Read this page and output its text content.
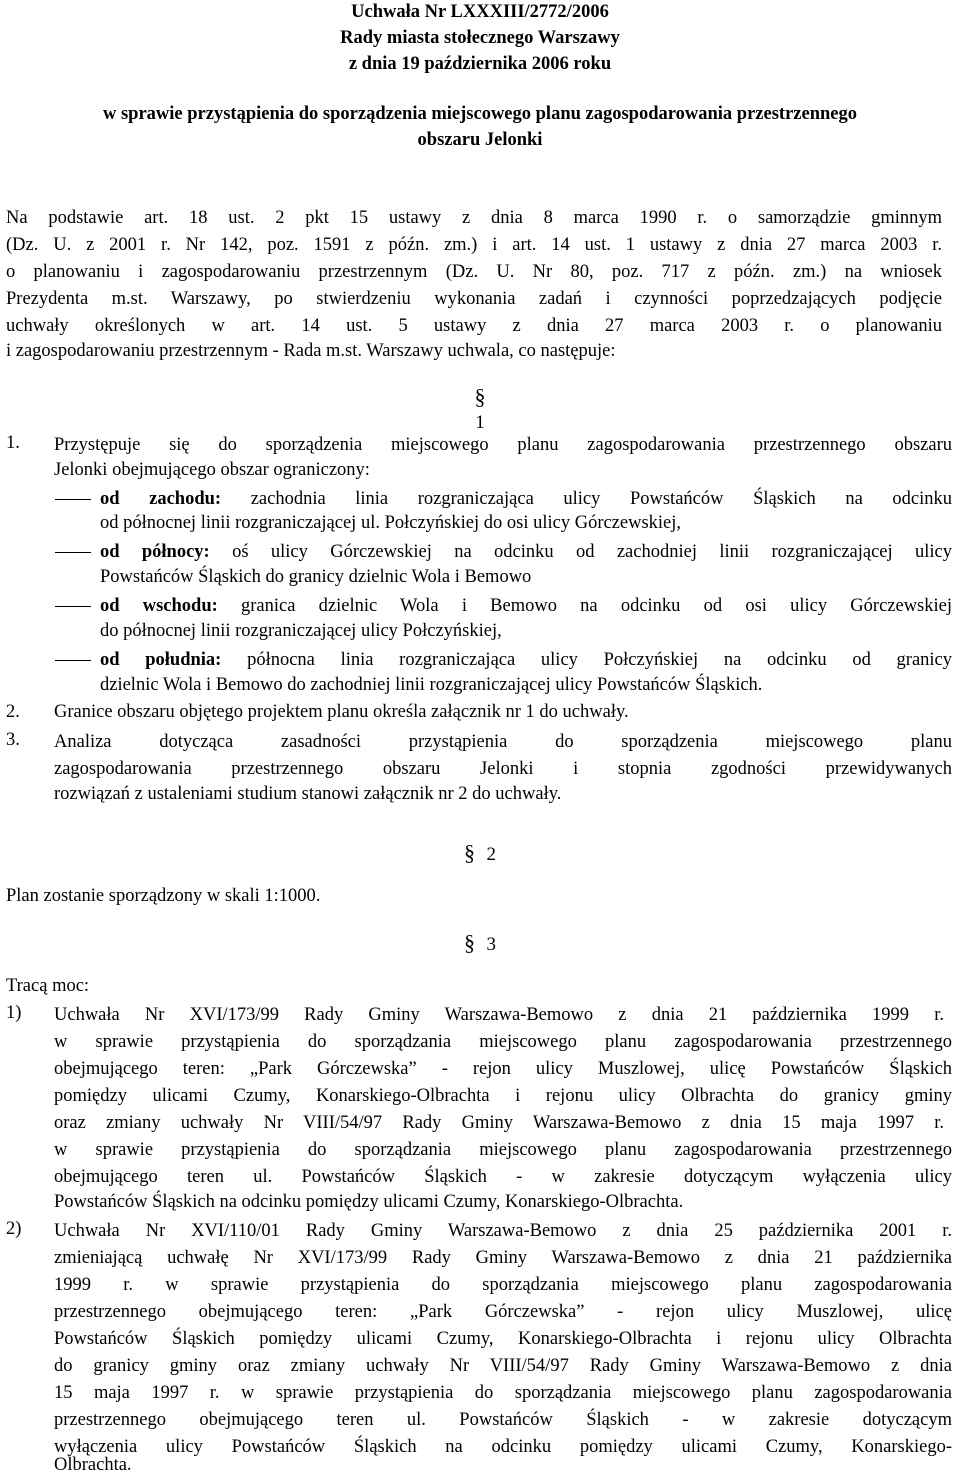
Uchwała Nr LXXXIII/2772/2006
Rady miasta stołecznego Warszawy
z dnia 19 października 2006 roku
w sprawie przystąpienia do sporządzenia miejscowego planu zagospodarowania przestrzennego
obszaru Jelonki
Na podstawie art. 18 ust. 2 pkt 15 ustawy z dnia 8 marca 1990 r. o samorządzie gminnym
(Dz. U. z 2001 r. Nr 142, poz. 1591 z późn. zm.) i art. 14 ust. 1 ustawy z dnia 27 marca 2003 r.
o planowaniu i zagospodarowaniu przestrzennym (Dz. U. Nr 80, poz. 717 z późn. zm.) na wniosek
Prezydenta m.st. Warszawy, po stwierdzeniu wykonania zadań i czynności poprzedzających podjęcie
uchwały określonych w art. 14 ust. 5 ustawy z dnia 27 marca 2003 r. o planowaniu
i zagospodarowaniu przestrzennym - Rada m.st. Warszawy uchwala, co następuje:
§
1
1. Przystępuje się do sporządzenia miejscowego planu zagospodarowania przestrzennego obszaru
Jelonki obejmującego obszar ograniczony:
od zachodu: zachodnia linia rozgraniczająca ulicy Powstańców Śląskich na odcinku
od północnej linii rozgraniczającej ul. Połczyńskiej do osi ulicy Górczewskiej,
od północy: oś ulicy Górczewskiej na odcinku od zachodniej linii rozgraniczającej ulicy
Powstańców Śląskich do granicy dzielnic Wola i Bemowo
od wschodu: granica dzielnic Wola i Bemowo na odcinku od osi ulicy Górczewskiej
do północnej linii rozgraniczającej ulicy Połczyńskiej,
od południa: północna linia rozgraniczająca ulicy Połczyńskiej na odcinku od granicy
dzielnic Wola i Bemowo do zachodniej linii rozgraniczającej ulicy Powstańców Śląskich.
2. Granice obszaru objętego projektem planu określa załącznik nr 1 do uchwały.
3. Analiza dotycząca zasadności przystąpienia do sporządzenia miejscowego planu
zagospodarowania przestrzennego obszaru Jelonki i stopnia zgodności przewidywanych
rozwiązań z ustaleniami studium stanowi załącznik nr 2 do uchwały.
§ 2
Plan zostanie sporządzony w skali 1:1000.
§ 3
Tracą moc:
1) Uchwała Nr XVI/173/99 Rady Gminy Warszawa-Bemowo z dnia 21 października 1999 r.
w sprawie przystąpienia do sporządzania miejscowego planu zagospodarowania przestrzennego
obejmującego teren: „Park Górczewska” - rejon ulicy Muszlowej, ulicę Powstańców Śląskich
pomiędzy ulicami Czumy, Konarskiego-Olbrachta i rejonu ulicy Olbrachta do granicy gminy
oraz zmiany uchwały Nr VIII/54/97 Rady Gminy Warszawa-Bemowo z dnia 15 maja 1997 r.
w sprawie przystąpienia do sporządzania miejscowego planu zagospodarowania przestrzennego
obejmującego teren ul. Powstańców Śląskich - w zakresie dotyczącym wyłączenia ulicy
Powstańców Śląskich na odcinku pomiędzy ulicami Czumy, Konarskiego-Olbrachta.
2) Uchwała Nr XVI/110/01 Rady Gminy Warszawa-Bemowo z dnia 25 października 2001 r.
zmieniającą uchwałę Nr XVI/173/99 Rady Gminy Warszawa-Bemowo z dnia 21 października
1999 r. w sprawie przystąpienia do sporządzania miejscowego planu zagospodarowania
przestrzennego obejmującego teren: „Park Górczewska” - rejon ulicy Muszlowej, ulicę
Powstańców Śląskich pomiędzy ulicami Czumy, Konarskiego-Olbrachta i rejonu ulicy Olbrachta
do granicy gminy oraz zmiany uchwały Nr VIII/54/97 Rady Gminy Warszawa-Bemowo z dnia
15 maja 1997 r. w sprawie przystąpienia do sporządzania miejscowego planu zagospodarowania
przestrzennego obejmującego teren ul. Powstańców Śląskich - w zakresie dotyczącym
wyłączenia ulicy Powstańców Śląskich na odcinku pomiędzy ulicami Czumy, Konarskiego-
Olbrachta.
